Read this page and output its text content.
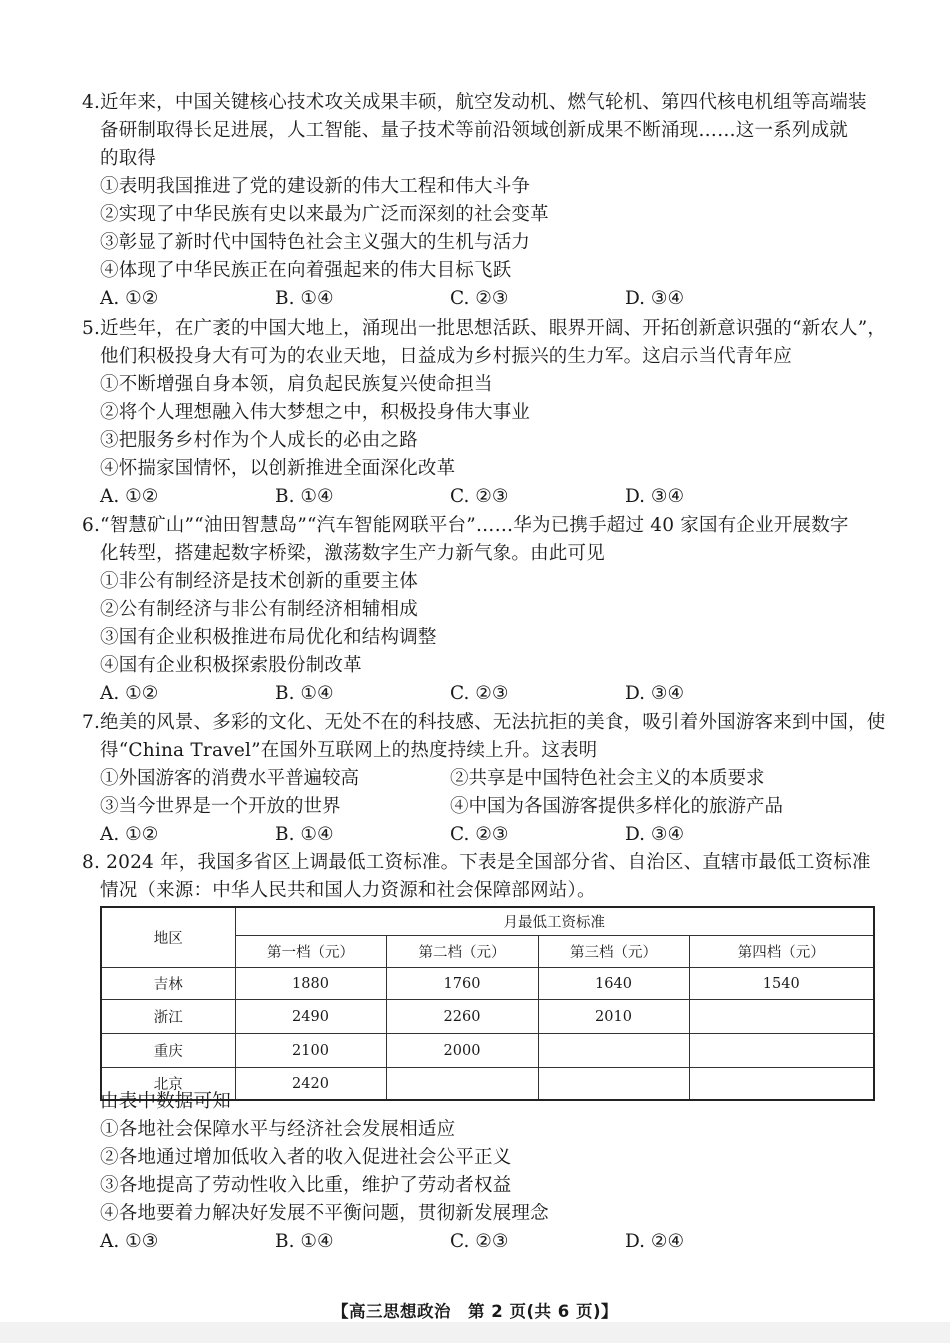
4.近年来，中国关键核心技术攻关成果丰硕，航空发动机、燃气轮机、第四代核电机组等高端装
备研制取得长足进展，人工智能、量子技术等前沿领域创新成果不断涌现……这一系列成就
的取得
①表明我国推进了党的建设新的伟大工程和伟大斗争
②实现了中华民族有史以来最为广泛而深刻的社会变革
③彰显了新时代中国特色社会主义强大的生机与活力
④体现了中华民族正在向着强起来的伟大目标飞跃
A. ①②	B. ①④	C. ②③	D. ③④
5.近些年，在广袤的中国大地上，涌现出一批思想活跃、眼界开阔、开拓创新意识强的“新农人”，
他们积极投身大有可为的农业天地，日益成为乡村振兴的生力军。这启示当代青年应
①不断增强自身本领，肩负起民族复兴使命担当
②将个人理想融入伟大梦想之中，积极投身伟大事业
③把服务乡村作为个人成长的必由之路
④怀揣家国情怀，以创新推进全面深化改革
A. ①②	B. ①④	C. ②③	D. ③④
6.“智慧矿山”“油田智慧岛”“汽车智能网联平台”……华为已携手超过 40 家国有企业开展数字
化转型，搭建起数字桥梁，激荡数字生产力新气象。由此可见
①非公有制经济是技术创新的重要主体
②公有制经济与非公有制经济相辅相成
③国有企业积极推进布局优化和结构调整
④国有企业积极探索股份制改革
A. ①②	B. ①④	C. ②③	D. ③④
7.绝美的风景、多彩的文化、无处不在的科技感、无法抗拒的美食，吸引着外国游客来到中国，使
得“China Travel”在国外互联网上的热度持续上升。这表明
①外国游客的消费水平普遍较高	②共享是中国特色社会主义的本质要求
③当今世界是一个开放的世界	④中国为各国游客提供多样化的旅游产品
A. ①②	B. ①④	C. ②③	D. ③④
8. 2024 年，我国多省区上调最低工资标准。下表是全国部分省、自治区、直辖市最低工资标准
情况（来源：中华人民共和国人力资源和社会保障部网站）。
地区	月最低工资标准			
	第一档（元）	第二档（元）	第三档（元）	第四档（元）
吉林	1880	1760	1640	1540
浙江	2490	2260	2010	
重庆	2100	2000		
北京	2420			
由表中数据可知
①各地社会保障水平与经济社会发展相适应
②各地通过增加低收入者的收入促进社会公平正义
③各地提高了劳动性收入比重，维护了劳动者权益
④各地要着力解决好发展不平衡问题，贯彻新发展理念
A. ①③	B. ①④	C. ②③	D. ②④
【高三思想政治　第 2 页(共 6 页)】
